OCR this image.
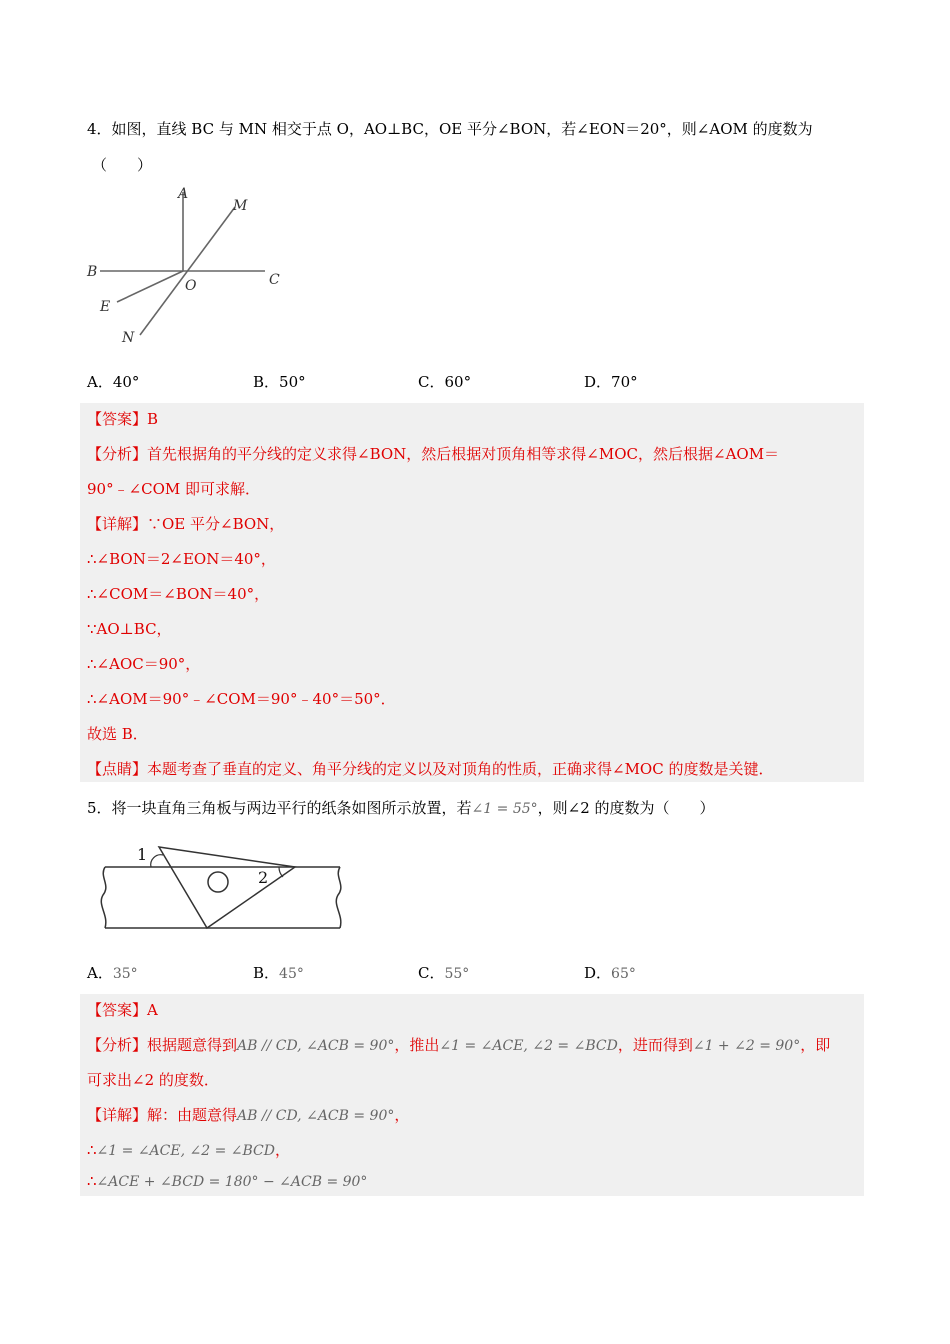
4．如图，直线 BC 与 MN 相交于点 O，AO⊥BC，OE 平分∠BON，若∠EON＝20°，则∠AOM 的度数为
（　　）
A
M
B
O	C
E
N
A．40°	B．50°	C．60°	D．70°
【答案】B
【分析】首先根据角的平分线的定义求得∠BON，然后根据对顶角相等求得∠MOC，然后根据∠AOM＝
90°﹣∠COM 即可求解．
【详解】∵OE 平分∠BON，
∴∠BON＝2∠EON＝40°，
∴∠COM＝∠BON＝40°，
∵AO⊥BC，
∴∠AOC＝90°，
∴∠AOM＝90°﹣∠COM＝90°﹣40°＝50°．
故选 B．
【点睛】本题考查了垂直的定义、角平分线的定义以及对顶角的性质，正确求得∠MOC 的度数是关键．
5．将一块直角三角板与两边平行的纸条如图所示放置，若∠1 = 55°，则∠2 的度数为（　　）
1
2
A．35°	B．45°	C．55°	D．65°
【答案】A
【分析】根据题意得到AB // CD, ∠ACB = 90°，推出∠1 = ∠ACE, ∠2 = ∠BCD，进而得到∠1 + ∠2 = 90°，即
可求出∠2 的度数．
【详解】解：由题意得AB // CD, ∠ACB = 90°，
∴∠1 = ∠ACE, ∠2 = ∠BCD，
∴∠ACE + ∠BCD = 180° − ∠ACB = 90°
